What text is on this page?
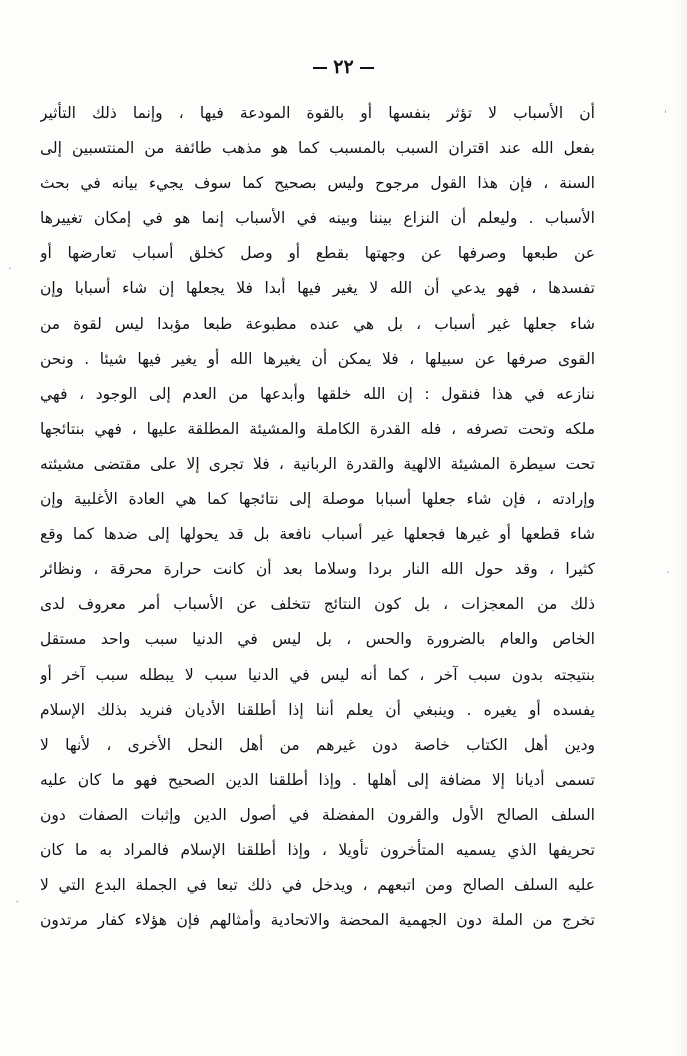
٢٢
ˈ
·
·
ˏ
أن الأسباب لا تؤثر بنفسها أو بالقوة المودعة فيها ، وإنما ذلك التأثير
بفعل الله عند اقتران السبب بالمسبب كما هو مذهب طائفة من المنتسبين إلى
السنة ، فإن هذا القول مرجوح وليس بصحيح كما سوف يجيء بيانه في بحث
الأسباب . وليعلم أن النزاع بيننا وبينه في الأسباب إنما هو في إمكان تغييرها
عن طبعها وصرفها عن وجهتها بقطع أو وصل كخلق أسباب تعارضها أو
تفسدها ، فهو يدعي أن الله لا يغير فيها أبدا فلا يجعلها إن شاء أسبابا وإن
شاء جعلها غير أسباب ، بل هي عنده مطبوعة طبعا مؤبدا ليس لقوة من
القوى صرفها عن سبيلها ، فلا يمكن أن يغيرها الله أو يغير فيها شيئا . ونحن
ننازعه في هذا فنقول : إن الله خلقها وأبدعها من العدم إلى الوجود ، فهي
ملكه وتحت تصرفه ، فله القدرة الكاملة والمشيئة المطلقة عليها ، فهي بنتائجها
تحت سيطرة المشيئة الالهية والقدرة الربانية ، فلا تجرى إلا على مقتضى مشيئته
وإرادته ، فإن شاء جعلها أسبابا موصلة إلى نتائجها كما هي العادة الأغلبية وإن
شاء قطعها أو غيرها فجعلها غير أسباب نافعة بل قد يحولها إلى ضدها كما وقع
كثيرا ، وقد حول الله النار بردا وسلاما بعد أن كانت حرارة محرقة ، ونظائر
ذلك من المعجزات ، بل كون النتائج تتخلف عن الأسباب أمر معروف لدى
الخاص والعام بالضرورة والحس ، بل ليس في الدنيا سبب واحد مستقل
بنتيجته بدون سبب آخر ، كما أنه ليس في الدنيا سبب لا يبطله سبب آخر أو
يفسده أو يغيره . وينبغي أن يعلم أننا إذا أطلقنا الأديان فنريد بذلك الإسلام
ودين أهل الكتاب خاصة دون غيرهم من أهل النحل الأخرى ، لأنها لا
تسمى أديانا إلا مضافة إلى أهلها . وإذا أطلقنا الدين الصحيح فهو ما كان عليه
السلف الصالح الأول والقرون المفضلة في أصول الدين وإثبات الصفات دون
تحريفها الذي يسميه المتأخرون تأويلا ، وإذا أطلقنا الإسلام فالمراد به ما كان
عليه السلف الصالح ومن اتبعهم ، ويدخل في ذلك تبعا في الجملة البدع التي لا
تخرج من الملة دون الجهمية المحضة والاتحادية وأمثالهم فإن هؤلاء كفار مرتدون
